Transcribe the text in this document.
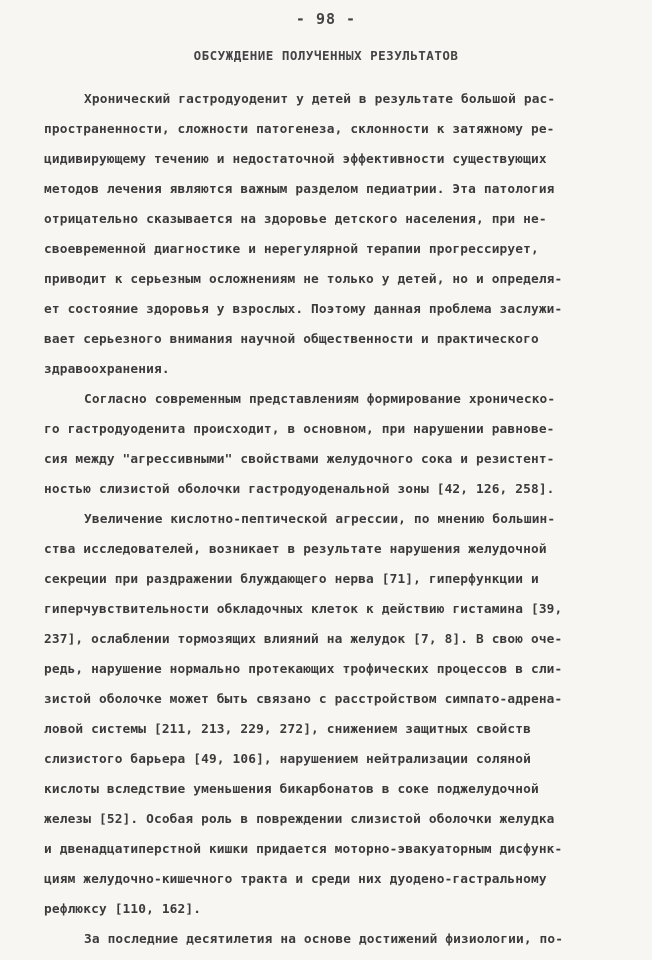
- 98 -
ОБСУЖДЕНИЕ ПОЛУЧЕННЫХ РЕЗУЛЬТАТОВ
Хронический гастродуоденит у детей в результате большой рас-
пространенности, сложности патогенеза, склонности к затяжному ре-
цидивирующему течению и недостаточной эффективности существующих
методов лечения являются важным разделом педиатрии. Эта патология
отрицательно сказывается на здоровье детского населения, при не-
своевременной диагностике и нерегулярной терапии прогрессирует,
приводит к серьезным осложнениям не только у детей, но и определя-
ет состояние здоровья у взрослых. Поэтому данная проблема заслужи-
вает серьезного внимания научной общественности и практического
здравоохранения.
Согласно современным представлениям формирование хроническо-
го гастродуоденита происходит, в основном, при нарушении равнове-
сия между "агрессивными" свойствами желудочного сока и резистент-
ностью слизистой оболочки гастродуоденальной зоны [42, 126, 258].
Увеличение кислотно-пептической агрессии, по мнению большин-
ства исследователей, возникает в результате нарушения желудочной
секреции при раздражении блуждающего нерва [71], гиперфункции и
гиперчувствительности обкладочных клеток к действию гистамина [39,
237], ослаблении тормозящих влияний на желудок [7, 8]. В свою оче-
редь, нарушение нормально протекающих трофических процессов в сли-
зистой оболочке может быть связано с расстройством симпато-адрена-
ловой системы [211, 213, 229, 272], снижением защитных свойств
слизистого барьера [49, 106], нарушением нейтрализации соляной
кислоты вследствие уменьшения бикарбонатов в соке поджелудочной
железы [52]. Особая роль в повреждении слизистой оболочки желудка
и двенадцатиперстной кишки придается моторно-эвакуаторным дисфунк-
циям желудочно-кишечного тракта и среди них дуодено-гастральному
рефлюксу [110, 162].
За последние десятилетия на основе достижений физиологии, по-
